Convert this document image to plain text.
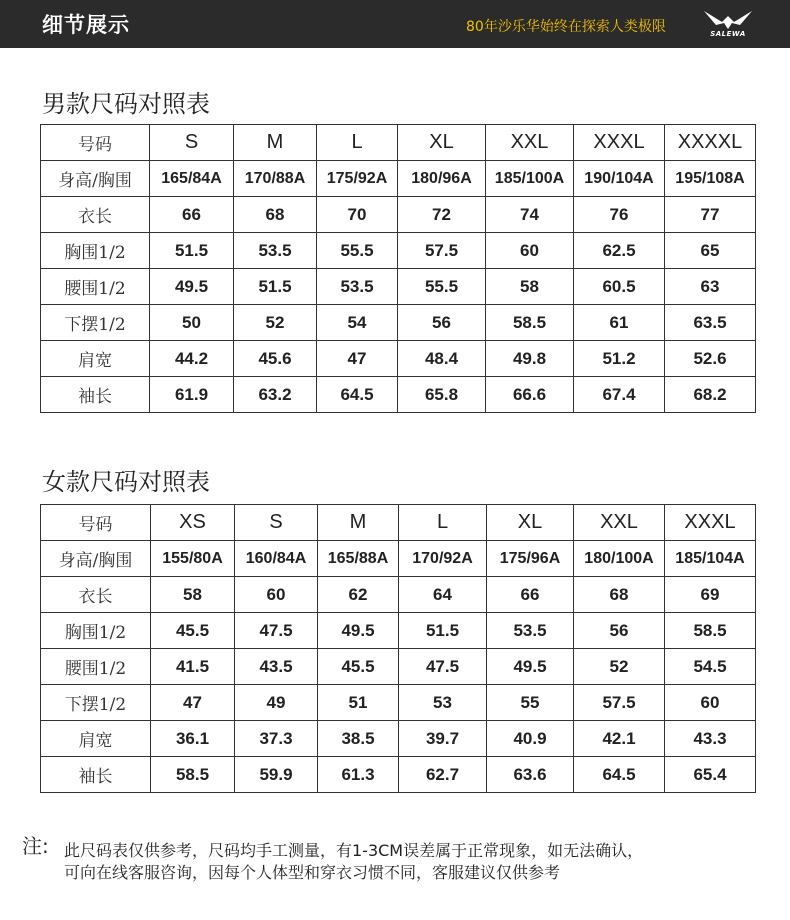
细节展示	80年沙乐华始终在探索人类极限	SALEWA
男款尺码对照表
号码	S	M	L	XL	XXL	XXXL	XXXXL
身高/胸围	165/84A	170/88A	175/92A	180/96A	185/100A	190/104A	195/108A
衣长	66	68	70	72	74	76	77
胸围1/2	51.5	53.5	55.5	57.5	60	62.5	65
腰围1/2	49.5	51.5	53.5	55.5	58	60.5	63
下摆1/2	50	52	54	56	58.5	61	63.5
肩宽	44.2	45.6	47	48.4	49.8	51.2	52.6
袖长	61.9	63.2	64.5	65.8	66.6	67.4	68.2
女款尺码对照表
号码	XS	S	M	L	XL	XXL	XXXL
身高/胸围	155/80A	160/84A	165/88A	170/92A	175/96A	180/100A	185/104A
衣长	58	60	62	64	66	68	69
胸围1/2	45.5	47.5	49.5	51.5	53.5	56	58.5
腰围1/2	41.5	43.5	45.5	47.5	49.5	52	54.5
下摆1/2	47	49	51	53	55	57.5	60
肩宽	36.1	37.3	38.5	39.7	40.9	42.1	43.3
袖长	58.5	59.9	61.3	62.7	63.6	64.5	65.4
注: 此尺码表仅供参考，尺码均手工测量，有1-3CM误差属于正常现象，如无法确认，
可向在线客服咨询，因每个人体型和穿衣习惯不同，客服建议仅供参考
